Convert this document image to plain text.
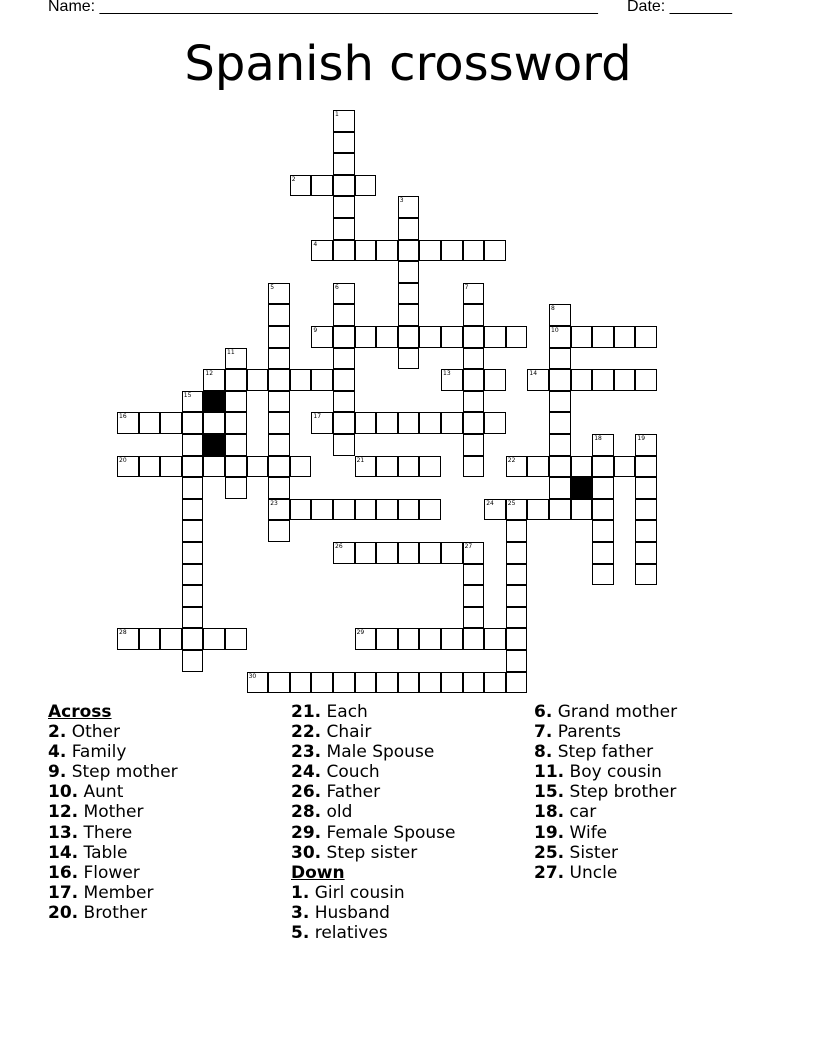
Name: ________________________________________________________ Date: _______
Spanish crossword
2
4
9	10
12	13	14
16	17
20	21	22
23	24 25
26	27
28	29
30
1
3
5	6	7
8
11
15
18	19
Across
2. Other
4. Family
9. Step mother
10. Aunt
12. Mother
13. There
14. Table
16. Flower
17. Member
20. Brother
21. Each
22. Chair
23. Male Spouse
24. Couch
26. Father
28. old
29. Female Spouse
30. Step sister
Down
1. Girl cousin
3. Husband
5. relatives
6. Grand mother
7. Parents
8. Step father
11. Boy cousin
15. Step brother
18. car
19. Wife
25. Sister
27. Uncle
